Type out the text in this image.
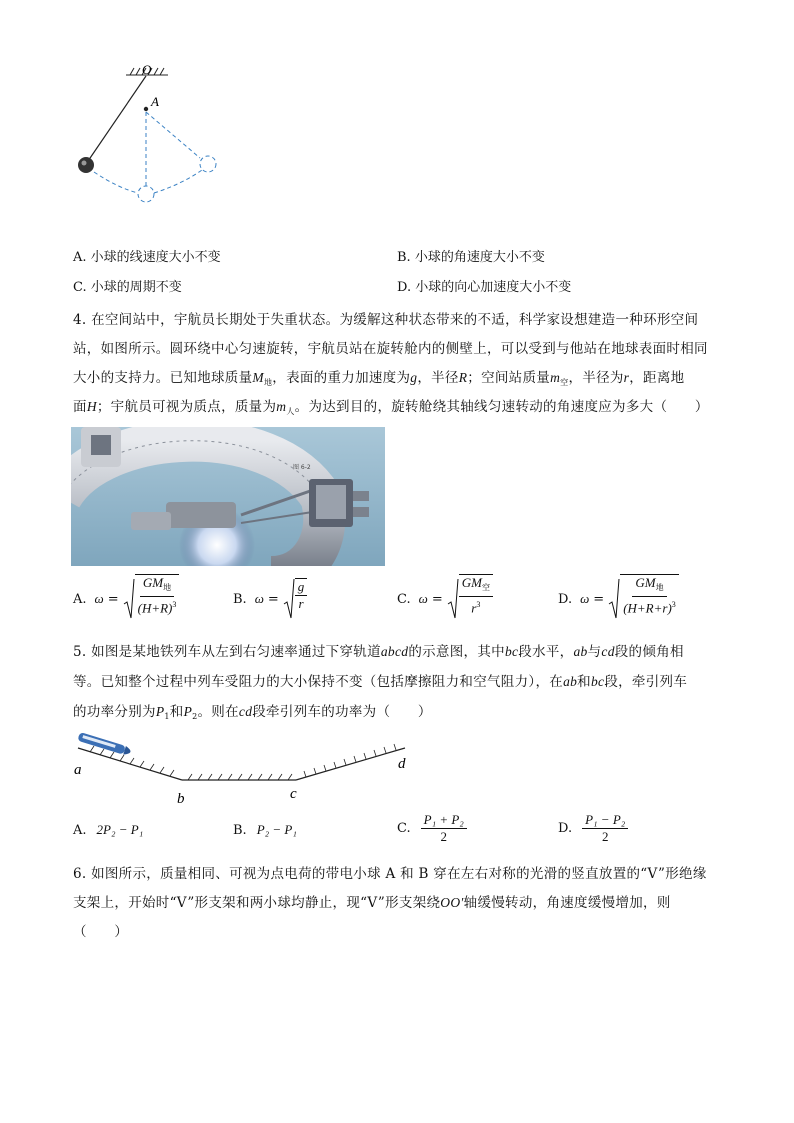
O
A
A. 小球的线速度大小不变	B. 小球的角速度大小不变
C. 小球的周期不变	D. 小球的向心加速度大小不变
4. 在空间站中，宇航员长期处于失重状态。为缓解这种状态带来的不适，科学家设想建造一种环形空间
站，如图所示。圆环绕中心匀速旋转，宇航员站在旋转舱内的侧壁上，可以受到与他站在地球表面时相同
大小的支持力。已知地球质量$M_地$，表面的重力加速度为g，半径R；空间站质量$m_空$，半径为r，距离地
面H；宇航员可视为质点，质量为$m_人$。为达到目的，旋转舱绕其轴线匀速转动的角速度应为多大（　　）
图 6-2
A. $\omega = \frac{GM_地}{(H+R)^3}$	B. $\omega = \frac{g}{r}$	C. $\omega = \frac{GM_空}{r^3}$	D. $\omega = \frac{GM_地}{(H+R+r)^3}$
5. 如图是某地铁列车从左到右匀速率通过下穿轨道abcd的示意图，其中bc段水平，ab与cd段的倾角相
等。已知整个过程中列车受阻力的大小保持不变（包括摩擦阻力和空气阻力），在ab和bc段，牵引列车
的功率分别为$P_1$和$P_2$。则在cd段牵引列车的功率为（　　）
a
b	c
d
A. 2P₂ − P₁	B. P₂ − P₁	C. $\frac{\text{P₁ + P₂}}{2}$	D. $\frac{\text{P₁ − P₂}}{2}$
6. 如图所示，质量相同、可视为点电荷的带电小球 A 和 B 穿在左右对称的光滑的竖直放置的“V”形绝缘
支架上，开始时“V”形支架和两小球均静止，现“V”形支架绕OO′轴缓慢转动，角速度缓慢增加，则
（　　）
